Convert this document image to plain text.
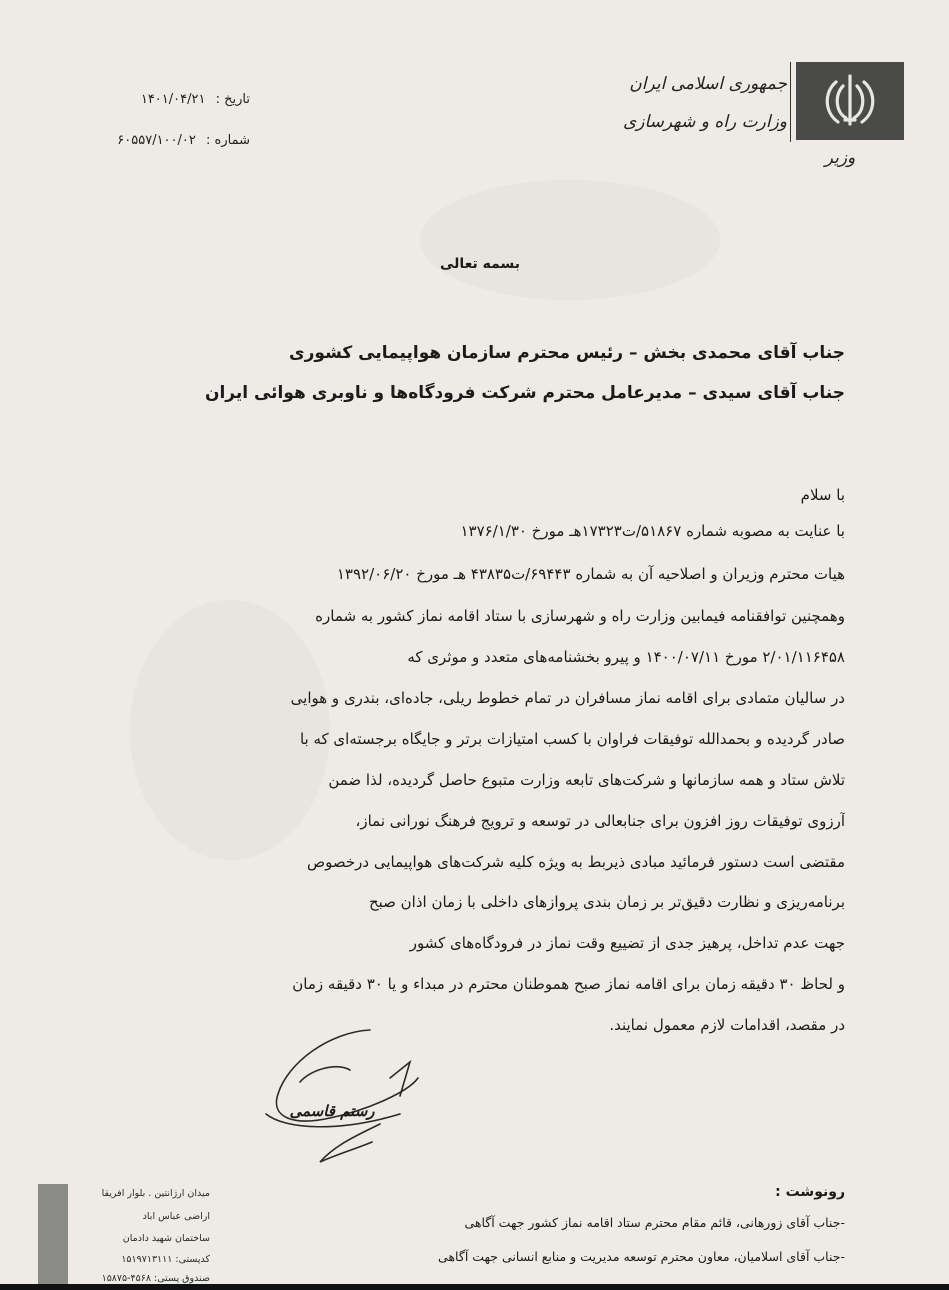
جمهوری اسلامی ایران
وزارت راه و شهرسازی
وزیر
تاریخ : ۱۴۰۱/۰۴/۲۱
شماره : ۶۰۵۵۷/۱۰۰/۰۲
بسمه تعالی
جناب آقای محمدی بخش – رئیس محترم سازمان هواپیمایی کشوری
جناب آقای سیدی – مدیرعامل محترم شرکت فرودگاه‌ها و ناوبری هوائی ایران
با سلام
با عنایت به مصوبه شماره ۵۱۸۶۷/ت۱۷۳۲۳هـ مورخ ۱۳۷۶/۱/۳۰
هیات محترم وزیران و اصلاحیه آن به شماره ۶۹۴۴۳/ت۴۳۸۳۵ هـ مورخ ۱۳۹۲/۰۶/۲۰
وهمچنین توافقنامه فیمابین وزارت راه و شهرسازی با ستاد اقامه نماز کشور به شماره
۲/۰۱/۱۱۶۴۵۸ مورخ ۱۴۰۰/۰۷/۱۱ و پیرو بخشنامه‌های متعدد و موثری که
در سالیان متمادی برای اقامه نماز مسافران در تمام خطوط ریلی، جاده‌ای، بندری و هوایی
صادر گردیده و بحمدالله توفیقات فراوان با کسب امتیازات برتر و جایگاه برجسته‌ای که با
تلاش ستاد و همه سازمانها و شرکت‌های تابعه وزارت متبوع حاصل گردیده، لذا ضمن
آرزوی توفیقات روز افزون برای جنابعالی در توسعه و ترویج فرهنگ نورانی نماز،
مقتضی است دستور فرمائید مبادی ذیربط به ویژه کلیه شرکت‌های هواپیمایی درخصوص
برنامه‌ریزی و نظارت دقیق‌تر بر زمان بندی پروازهای داخلی با زمان اذان صبح
جهت عدم تداخل، پرهیز جدی از تضییع وقت نماز در فرودگاه‌های کشور
و لحاظ ۳۰ دقیقه زمان برای اقامه نماز صبح هموطنان محترم در مبداء و یا ۳۰ دقیقه زمان
در مقصد، اقدامات لازم معمول نمایند.
رستم قاسمی
رونوشت :
-جناب آقای زورهانی، قائم مقام محترم ستاد اقامه نماز کشور جهت آگاهی
-جناب آقای اسلامیان، معاون محترم توسعه مدیریت و منابع انسانی جهت آگاهی
میدان آرژانتین . بلوار آفریقا
اراضی عباس آباد
ساختمان شهید دادمان
کدپستی: ۱۵۱۹۷۱۳۱۱۱
صندوق پستی: ۴۵۶۸-۱۵۸۷۵
